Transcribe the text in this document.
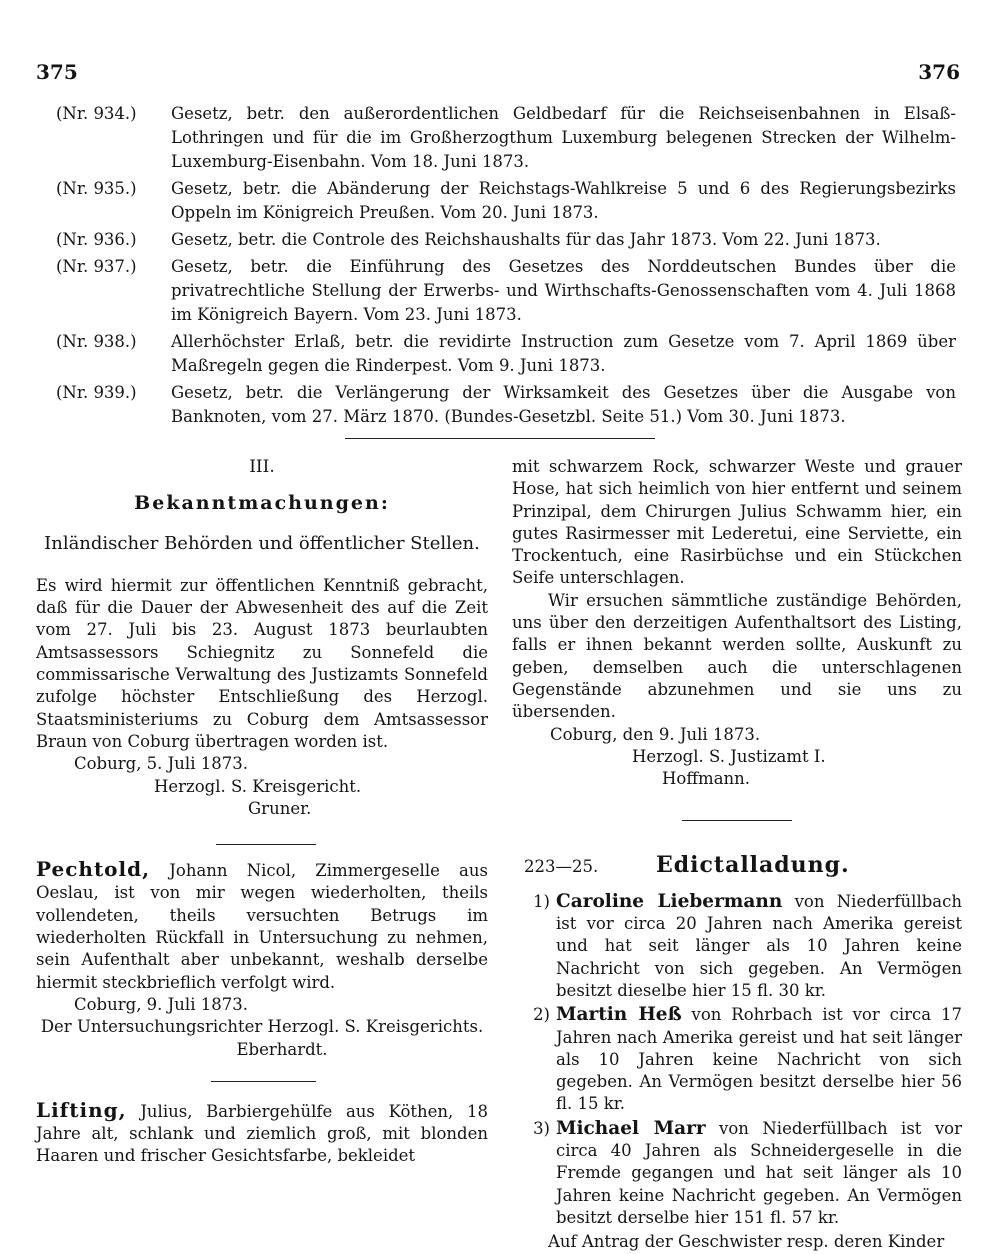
375	376
(Nr. 934.)	Gesetz, betr. den außerordentlichen Geldbedarf für die Reichseisenbahnen in Elsaß-Lothringen und für die im Großherzogthum Luxemburg belegenen Strecken der Wilhelm-Luxemburg-Eisenbahn. Vom 18. Juni 1873.
(Nr. 935.)	Gesetz, betr. die Abänderung der Reichstags-Wahlkreise 5 und 6 des Regierungsbezirks Oppeln im Königreich Preußen. Vom 20. Juni 1873.
(Nr. 936.)	Gesetz, betr. die Controle des Reichshaushalts für das Jahr 1873. Vom 22. Juni 1873.
(Nr. 937.)	Gesetz, betr. die Einführung des Gesetzes des Norddeutschen Bundes über die privatrechtliche Stellung der Erwerbs- und Wirthschafts-Genossenschaften vom 4. Juli 1868 im Königreich Bayern. Vom 23. Juni 1873.
(Nr. 938.)	Allerhöchster Erlaß, betr. die revidirte Instruction zum Gesetze vom 7. April 1869 über Maßregeln gegen die Rinderpest. Vom 9. Juni 1873.
(Nr. 939.)	Gesetz, betr. die Verlängerung der Wirksamkeit des Gesetzes über die Ausgabe von Banknoten, vom 27. März 1870. (Bundes-Gesetzbl. Seite 51.) Vom 30. Juni 1873.
III.
Bekanntmachungen:
Inländischer Behörden und öffentlicher Stellen.

Es wird hiermit zur öffentlichen Kenntniß gebracht, daß für die Dauer der Abwesenheit des auf die Zeit vom 27. Juli bis 23. August 1873 beurlaubten Amtsassessors Schiegnitz zu Sonnefeld die commissarische Verwaltung des Justizamts Sonnefeld zufolge höchster Entschließung des Herzogl. Staatsministeriums zu Coburg dem Amtsassessor Braun von Coburg übertragen worden ist.

Coburg, 5. Juli 1873.

Herzogl. S. Kreisgericht.

Gruner.

Pechtold, Johann Nicol, Zimmergeselle aus Oeslau, ist von mir wegen wiederholten, theils vollendeten, theils versuchten Betrugs im wiederholten Rückfall in Untersuchung zu nehmen, sein Aufenthalt aber unbekannt, weshalb derselbe hiermit steckbrieflich verfolgt wird.

Coburg, 9. Juli 1873.

Der Untersuchungsrichter Herzogl. S. Kreisgerichts.

Eberhardt.

Lifting, Julius, Barbiergehülfe aus Köthen, 18 Jahre alt, schlank und ziemlich groß, mit blonden Haaren und frischer Gesichtsfarbe, bekleidet

mit schwarzem Rock, schwarzer Weste und grauer Hose, hat sich heimlich von hier entfernt und seinem Prinzipal, dem Chirurgen Julius Schwamm hier, ein gutes Rasirmesser mit Lederetui, eine Serviette, ein Trockentuch, eine Rasirbüchse und ein Stückchen Seife unterschlagen.

Wir ersuchen sämmtliche zuständige Behörden, uns über den derzeitigen Aufenthaltsort des Listing, falls er ihnen bekannt werden sollte, Auskunft zu geben, demselben auch die unterschlagenen Gegenstände abzunehmen und sie uns zu übersenden.

Coburg, den 9. Juli 1873.

Herzogl. S. Justizamt I.

Hoffmann.

223—25.	Edictalladung.
1) Caroline Liebermann von Niederfüllbach ist vor circa 20 Jahren nach Amerika gereist und hat seit länger als 10 Jahren keine Nachricht von sich gegeben. An Vermögen besitzt dieselbe hier 15 fl. 30 kr.
2) Martin Heß von Rohrbach ist vor circa 17 Jahren nach Amerika gereist und hat seit länger als 10 Jahren keine Nachricht von sich gegeben. An Vermögen besitzt derselbe hier 56 fl. 15 kr.
3) Michael Marr von Niederfüllbach ist vor circa 40 Jahren als Schneidergeselle in die Fremde gegangen und hat seit länger als 10 Jahren keine Nachricht gegeben. An Vermögen besitzt derselbe hier 151 fl. 57 kr.

Auf Antrag der Geschwister resp. deren Kinder
